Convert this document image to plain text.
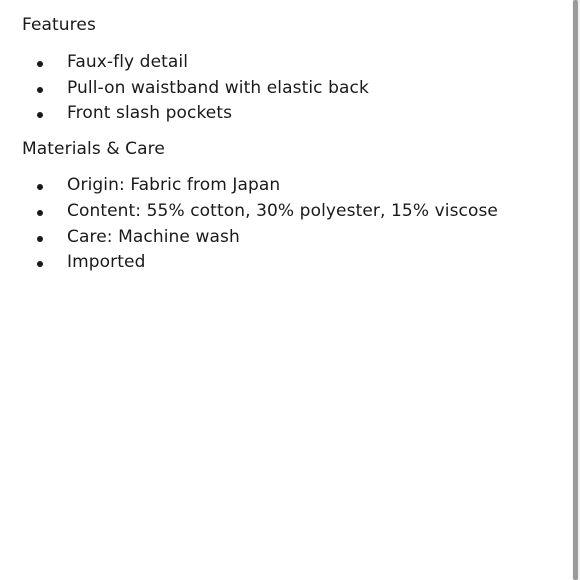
Features
Faux-fly detail
Pull-on waistband with elastic back
Front slash pockets
Materials & Care
Origin: Fabric from Japan
Content: 55% cotton, 30% polyester, 15% viscose
Care: Machine wash
Imported
